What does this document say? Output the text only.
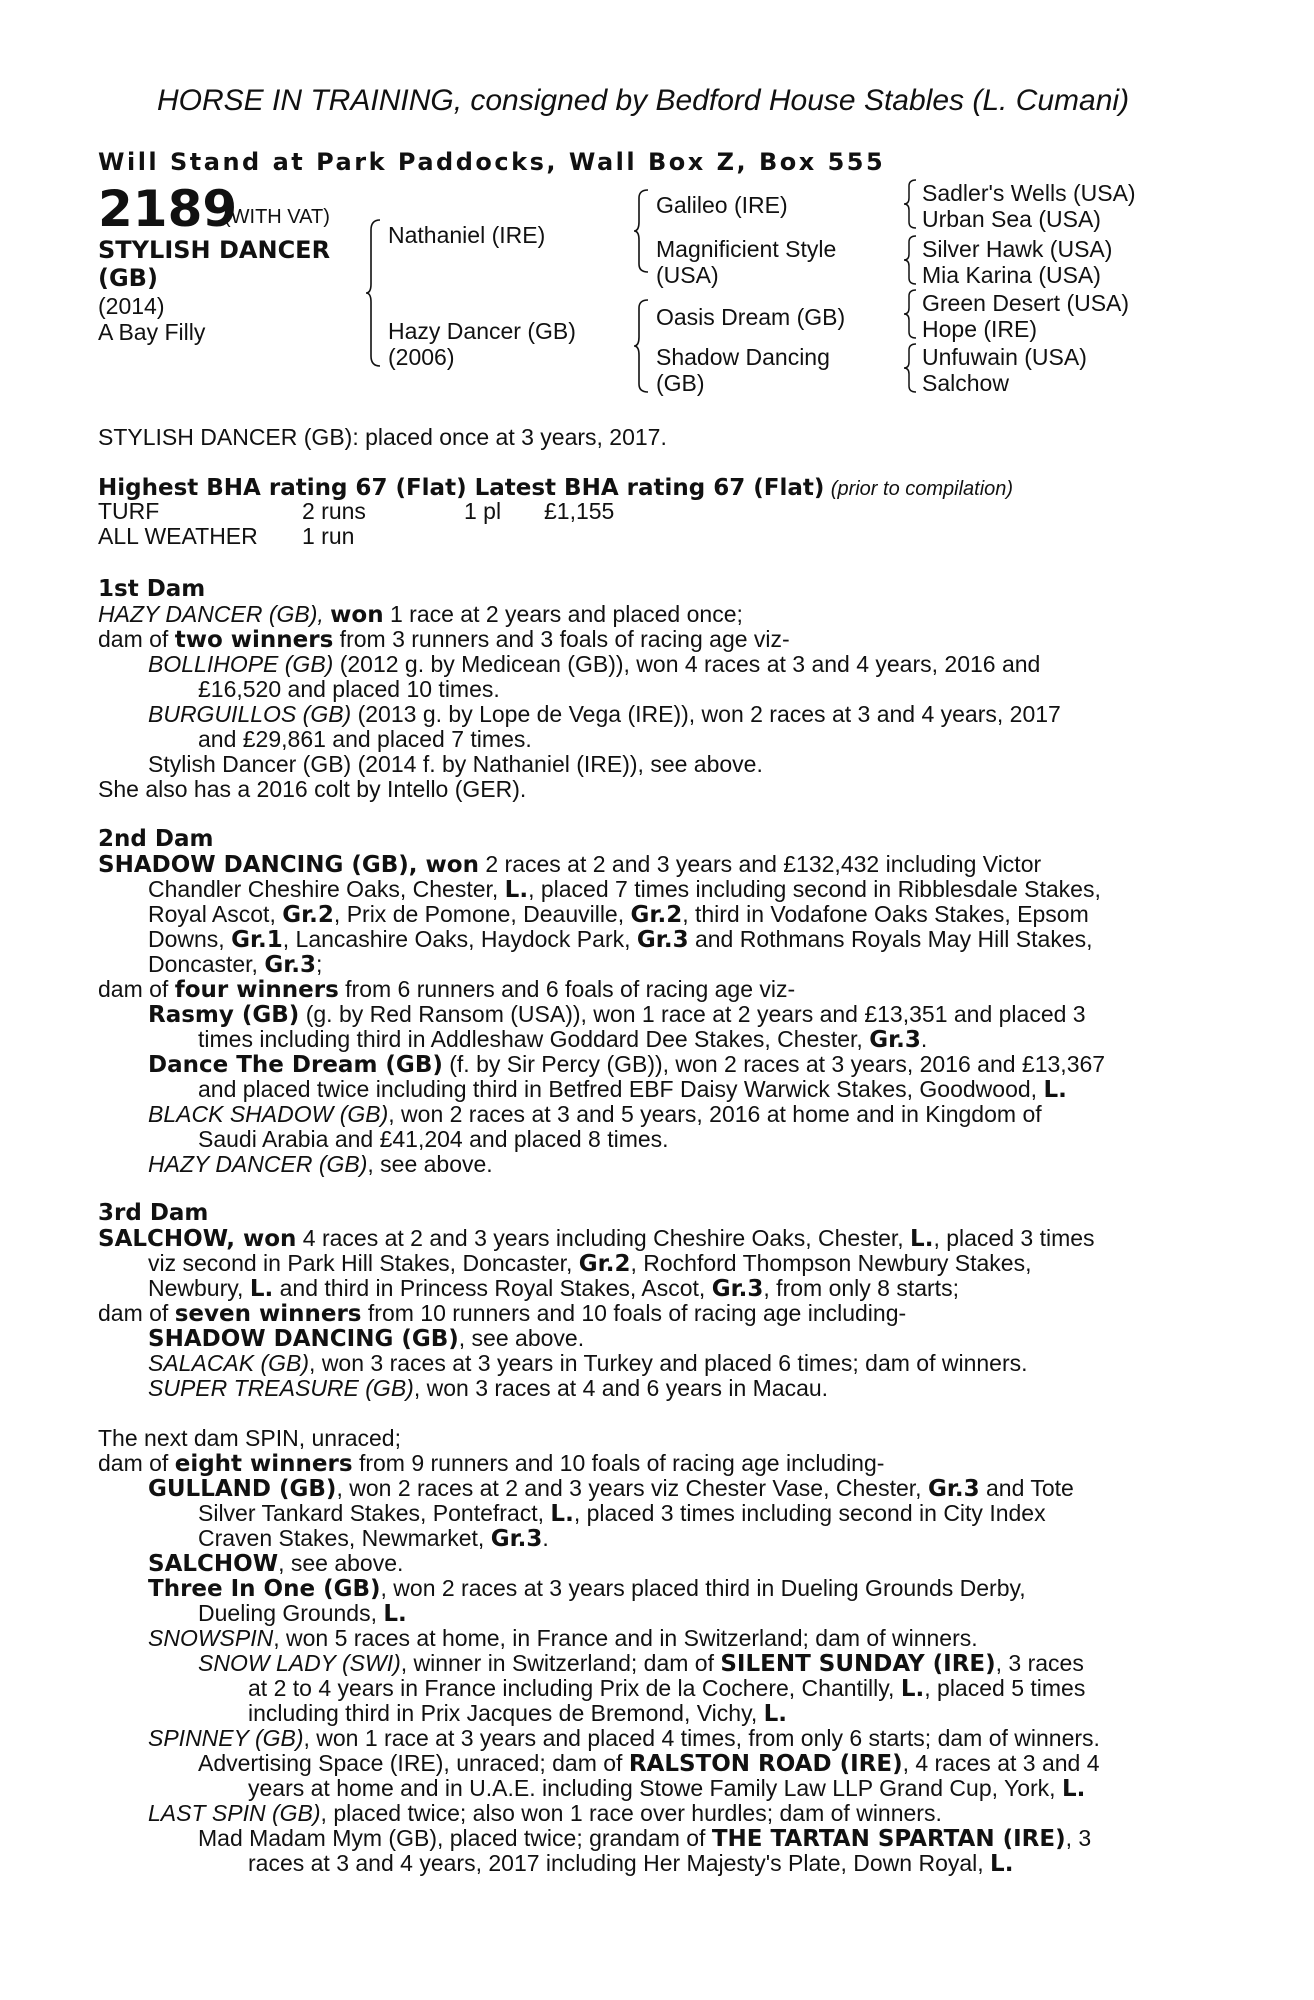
HORSE IN TRAINING, consigned by Bedford House Stables (L. Cumani)
Will Stand at Park Paddocks, Wall Box Z, Box 555
2189
(WITH VAT)
STYLISH DANCER
(GB)
(2014)
A Bay Filly
Nathaniel (IRE)
Hazy Dancer (GB)
(2006)
Galileo (IRE)
Magnificient Style
(USA)
Oasis Dream (GB)
Shadow Dancing
(GB)
Sadler's Wells (USA)
Urban Sea (USA)
Silver Hawk (USA)
Mia Karina (USA)
Green Desert (USA)
Hope (IRE)
Unfuwain (USA)
Salchow
STYLISH DANCER (GB): placed once at 3 years, 2017.
Highest BHA rating 67 (Flat) Latest BHA rating 67 (Flat) (prior to compilation)
TURF	2 runs	1 pl £1,155
ALL WEATHER 1 run
1st Dam
HAZY DANCER (GB), won 1 race at 2 years and placed once;
dam of two winners from 3 runners and 3 foals of racing age viz-
BOLLIHOPE (GB) (2012 g. by Medicean (GB)), won 4 races at 3 and 4 years, 2016 and
£16,520 and placed 10 times.
BURGUILLOS (GB) (2013 g. by Lope de Vega (IRE)), won 2 races at 3 and 4 years, 2017
and £29,861 and placed 7 times.
Stylish Dancer (GB) (2014 f. by Nathaniel (IRE)), see above.
She also has a 2016 colt by Intello (GER).
2nd Dam
SHADOW DANCING (GB), won 2 races at 2 and 3 years and £132,432 including Victor
Chandler Cheshire Oaks, Chester, L., placed 7 times including second in Ribblesdale Stakes,
Royal Ascot, Gr.2, Prix de Pomone, Deauville, Gr.2, third in Vodafone Oaks Stakes, Epsom
Downs, Gr.1, Lancashire Oaks, Haydock Park, Gr.3 and Rothmans Royals May Hill Stakes,
Doncaster, Gr.3;
dam of four winners from 6 runners and 6 foals of racing age viz-
Rasmy (GB) (g. by Red Ransom (USA)), won 1 race at 2 years and £13,351 and placed 3
times including third in Addleshaw Goddard Dee Stakes, Chester, Gr.3.
Dance The Dream (GB) (f. by Sir Percy (GB)), won 2 races at 3 years, 2016 and £13,367
and placed twice including third in Betfred EBF Daisy Warwick Stakes, Goodwood, L.
BLACK SHADOW (GB), won 2 races at 3 and 5 years, 2016 at home and in Kingdom of
Saudi Arabia and £41,204 and placed 8 times.
HAZY DANCER (GB), see above.
3rd Dam
SALCHOW, won 4 races at 2 and 3 years including Cheshire Oaks, Chester, L., placed 3 times
viz second in Park Hill Stakes, Doncaster, Gr.2, Rochford Thompson Newbury Stakes,
Newbury, L. and third in Princess Royal Stakes, Ascot, Gr.3, from only 8 starts;
dam of seven winners from 10 runners and 10 foals of racing age including-
SHADOW DANCING (GB), see above.
SALACAK (GB), won 3 races at 3 years in Turkey and placed 6 times; dam of winners.
SUPER TREASURE (GB), won 3 races at 4 and 6 years in Macau.
The next dam SPIN, unraced;
dam of eight winners from 9 runners and 10 foals of racing age including-
GULLAND (GB), won 2 races at 2 and 3 years viz Chester Vase, Chester, Gr.3 and Tote
Silver Tankard Stakes, Pontefract, L., placed 3 times including second in City Index
Craven Stakes, Newmarket, Gr.3.
SALCHOW, see above.
Three In One (GB), won 2 races at 3 years placed third in Dueling Grounds Derby,
Dueling Grounds, L.
SNOWSPIN, won 5 races at home, in France and in Switzerland; dam of winners.
SNOW LADY (SWI), winner in Switzerland; dam of SILENT SUNDAY (IRE), 3 races
at 2 to 4 years in France including Prix de la Cochere, Chantilly, L., placed 5 times
including third in Prix Jacques de Bremond, Vichy, L.
SPINNEY (GB), won 1 race at 3 years and placed 4 times, from only 6 starts; dam of winners.
Advertising Space (IRE), unraced; dam of RALSTON ROAD (IRE), 4 races at 3 and 4
years at home and in U.A.E. including Stowe Family Law LLP Grand Cup, York, L.
LAST SPIN (GB), placed twice; also won 1 race over hurdles; dam of winners.
Mad Madam Mym (GB), placed twice; grandam of THE TARTAN SPARTAN (IRE), 3
races at 3 and 4 years, 2017 including Her Majesty's Plate, Down Royal, L.
